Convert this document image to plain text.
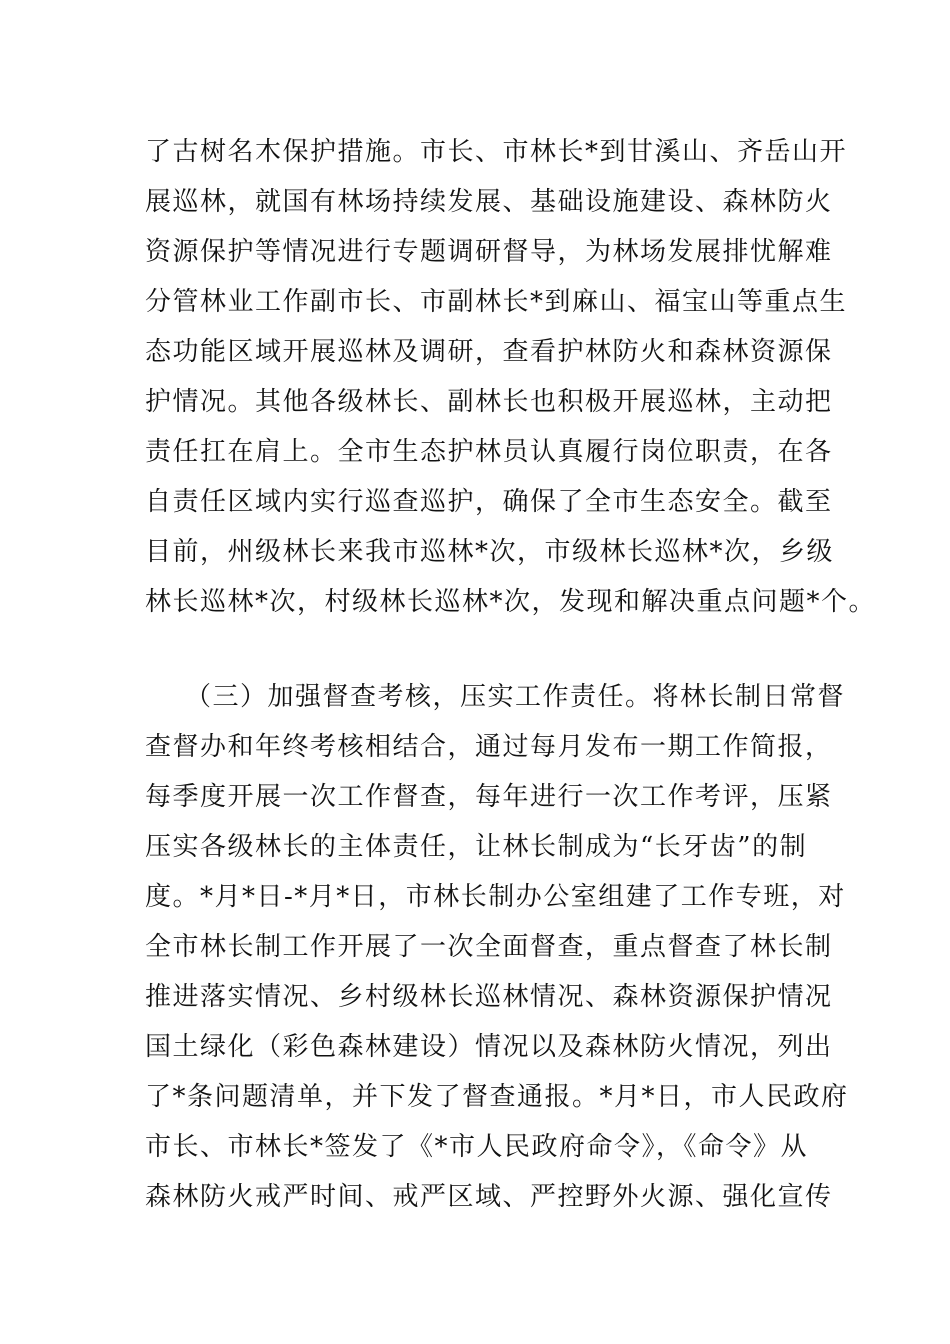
了古树名木保护措施。市长、市林长*到甘溪山、齐岳山开
展巡林，就国有林场持续发展、基础设施建设、森林防火
资源保护等情况进行专题调研督导，为林场发展排忧解难
分管林业工作副市长、市副林长*到麻山、福宝山等重点生
态功能区域开展巡林及调研，查看护林防火和森林资源保
护情况。其他各级林长、副林长也积极开展巡林，主动把
责任扛在肩上。全市生态护林员认真履行岗位职责，在各
自责任区域内实行巡查巡护，确保了全市生态安全。截至
目前，州级林长来我市巡林*次，市级林长巡林*次，乡级
林长巡林*次，村级林长巡林*次，发现和解决重点问题*个。
（三）加强督查考核，压实工作责任。将林长制日常督
查督办和年终考核相结合，通过每月发布一期工作简报，
每季度开展一次工作督查，每年进行一次工作考评，压紧
压实各级林长的主体责任，让林长制成为“长牙齿”的制
度。*月*日-*月*日，市林长制办公室组建了工作专班，对
全市林长制工作开展了一次全面督查，重点督查了林长制
推进落实情况、乡村级林长巡林情况、森林资源保护情况
国土绿化（彩色森林建设）情况以及森林防火情况，列出
了*条问题清单，并下发了督查通报。*月*日，市人民政府
市长、市林长*签发了《*市人民政府命令》，《命令》从
森林防火戒严时间、戒严区域、严控野外火源、强化宣传
